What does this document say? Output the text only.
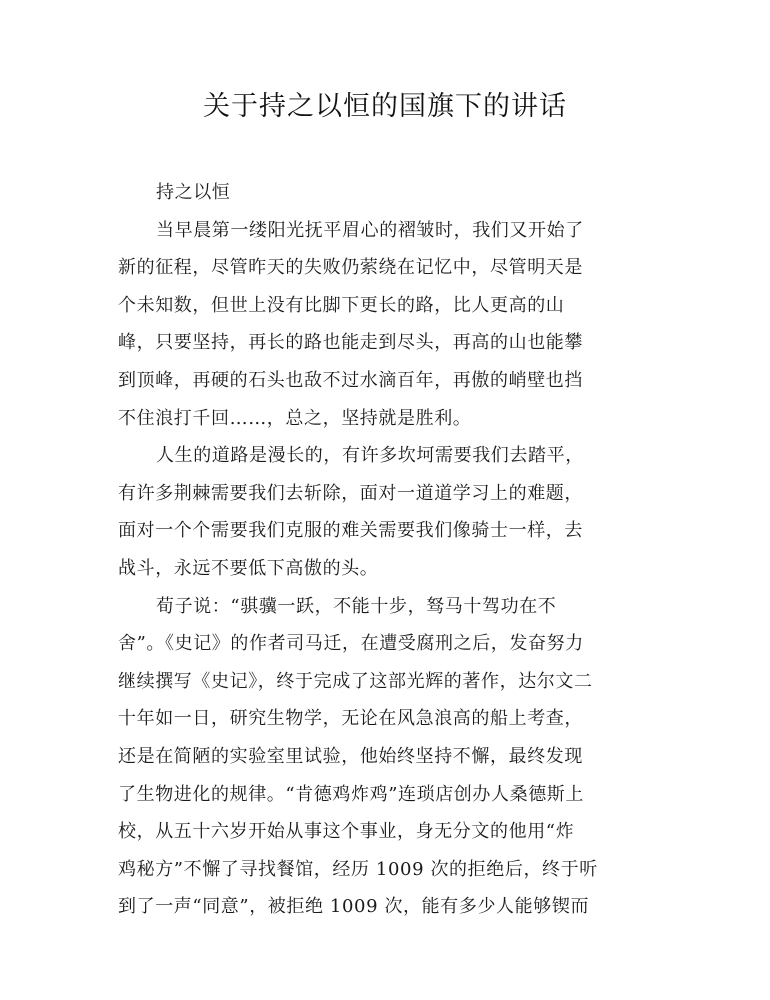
关于持之以恒的国旗下的讲话

持之以恒

当早晨第一缕阳光抚平眉心的褶皱时，我们又开始了

新的征程，尽管昨天的失败仍萦绕在记忆中，尽管明天是

个未知数，但世上没有比脚下更长的路，比人更高的山

峰，只要坚持，再长的路也能走到尽头，再高的山也能攀

到顶峰，再硬的石头也敌不过水滴百年，再傲的峭壁也挡

不住浪打千回……，总之，坚持就是胜利。

人生的道路是漫长的，有许多坎坷需要我们去踏平，

有许多荆棘需要我们去斩除，面对一道道学习上的难题，

面对一个个需要我们克服的难关需要我们像骑士一样，去

战斗，永远不要低下高傲的头。

荀子说：“骐骥一跃，不能十步，驽马十驾功在不

舍”。《史记》的作者司马迁，在遭受腐刑之后，发奋努力

继续撰写《史记》，终于完成了这部光辉的著作，达尔文二

十年如一日，研究生物学，无论在风急浪高的船上考查，

还是在简陋的实验室里试验，他始终坚持不懈，最终发现

了生物进化的规律。“肯德鸡炸鸡”连琐店创办人桑德斯上

校，从五十六岁开始从事这个事业，身无分文的他用“炸

鸡秘方”不懈了寻找餐馆，经历 1009 次的拒绝后，终于听

到了一声“同意”，被拒绝 1009 次，能有多少人能够锲而
